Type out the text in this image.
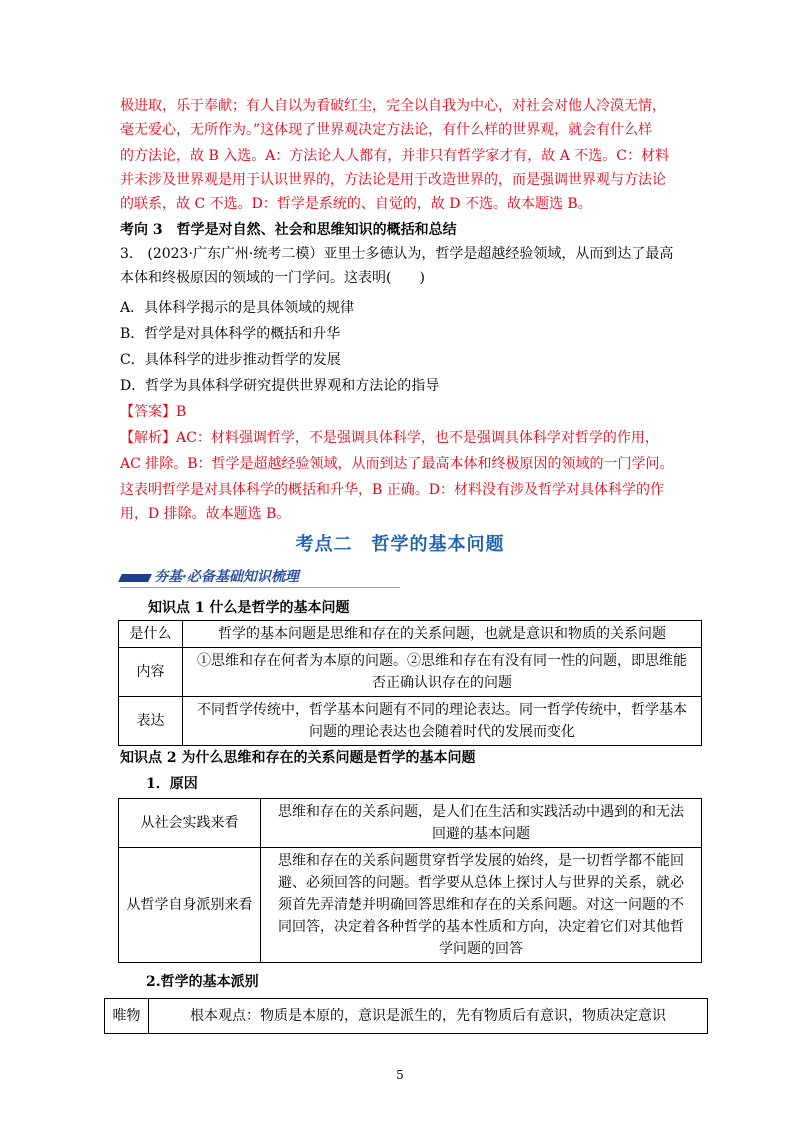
极进取，乐于奉献；有人自以为看破红尘，完全以自我为中心，对社会对他人冷漠无情，
毫无爱心，无所作为。”这体现了世界观决定方法论，有什么样的世界观，就会有什么样
的方法论，故 B 入选。A：方法论人人都有，并非只有哲学家才有，故 A 不选。C：材料
并未涉及世界观是用于认识世界的，方法论是用于改造世界的，而是强调世界观与方法论
的联系，故 C 不选。D：哲学是系统的、自觉的，故 D 不选。故本题选 B。
考向 3　哲学是对自然、社会和思维知识的概括和总结
3.　(2023·广东广州·统考二模）亚里士多德认为，哲学是超越经验领域，从而到达了最高
本体和终极原因的领域的一门学问。这表明(　　)
A．具体科学揭示的是具体领域的规律
B．哲学是对具体科学的概括和升华
C．具体科学的进步推动哲学的发展
D．哲学为具体科学研究提供世界观和方法论的指导
【答案】B
【解析】AC：材料强调哲学，不是强调具体科学，也不是强调具体科学对哲学的作用，
AC 排除。B：哲学是超越经验领域，从而到达了最高本体和终极原因的领域的一门学问。
这表明哲学是对具体科学的概括和升华，B 正确。D：材料没有涉及哲学对具体科学的作
用，D 排除。故本题选 B。
考点二　哲学的基本问题
夯基·必备基础知识梳理
知识点 1 什么是哲学的基本问题
是什么	哲学的基本问题是思维和存在的关系问题，也就是意识和物质的关系问题
内容	①思维和存在何者为本原的问题。②思维和存在有没有同一性的问题，即思维能
否正确认识存在的问题

表达	不同哲学传统中，哲学基本问题有不同的理论表达。同一哲学传统中，哲学基本
问题的理论表达也会随着时代的发展而变化
知识点 2 为什么思维和存在的关系问题是哲学的基本问题
1．原因
从社会实践来看	思维和存在的关系问题，是人们在生活和实践活动中遇到的和无法
回避的基本问题

从哲学自身派别来看	思维和存在的关系问题贯穿哲学发展的始终，是一切哲学都不能回
避、必须回答的问题。哲学要从总体上探讨人与世界的关系，就必
须首先弄清楚并明确回答思维和存在的关系问题。对这一问题的不
同回答，决定着各种哲学的基本性质和方向，决定着它们对其他哲
学问题的回答
2.哲学的基本派别
唯物	根本观点：物质是本原的，意识是派生的，先有物质后有意识，物质决定意识
5
